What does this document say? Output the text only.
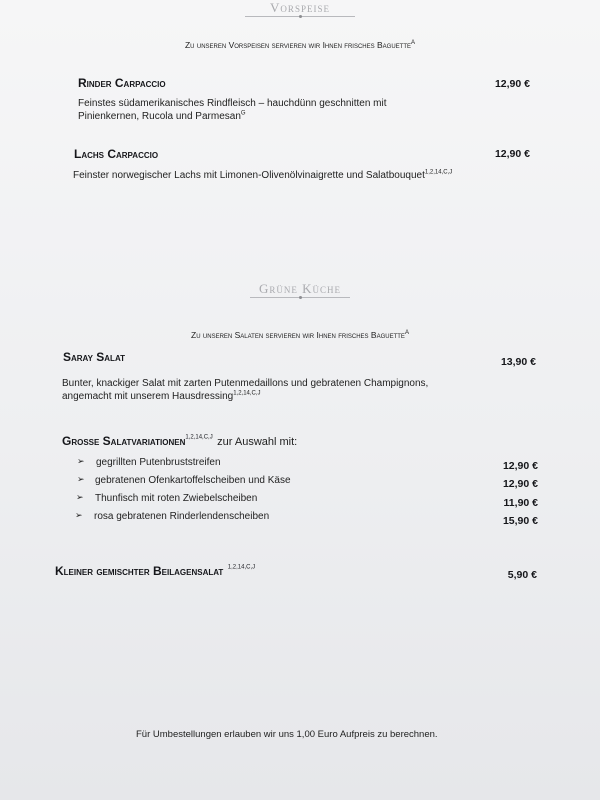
Vorspeise
Zu unseren Vorspeisen servieren wir Ihnen frisches Baguette$^A$
Rinder Carpaccio	12,90 €
Feinstes südamerikanisches Rindfleisch – hauchdünn geschnitten mit
Pinienkernen, Rucola und Parmesan$^G$
Lachs Carpaccio	12,90 €
Feinster norwegischer Lachs mit Limonen-Olivenölvinaigrette und Salatbouquet$^{1,2,14,C,J}$
Grüne Küche
Zu unseren Salaten servieren wir Ihnen frisches Baguette$^A$
Saray Salat	13,90 €
Bunter, knackiger Salat mit zarten Putenmedaillons und gebratenen Champignons,
angemacht mit unserem Hausdressing$^{1,2,14,C,J}$
Große Salatvariationen$^{1,2,14,C,J}$ zur Auswahl mit:
➢ gegrillten Putenbruststreifen	12,90 €
➢ gebratenen Ofenkartoffelscheiben und Käse	12,90 €
➢ Thunfisch mit roten Zwiebelscheiben	11,90 €
➢ rosa gebratenen Rinderlendenscheiben	15,90 €
Kleiner gemischter Beilagensalat $^{1,2,14,C,J}$
5,90 €
Für Umbestellungen erlauben wir uns 1,00 Euro Aufpreis zu berechnen.
